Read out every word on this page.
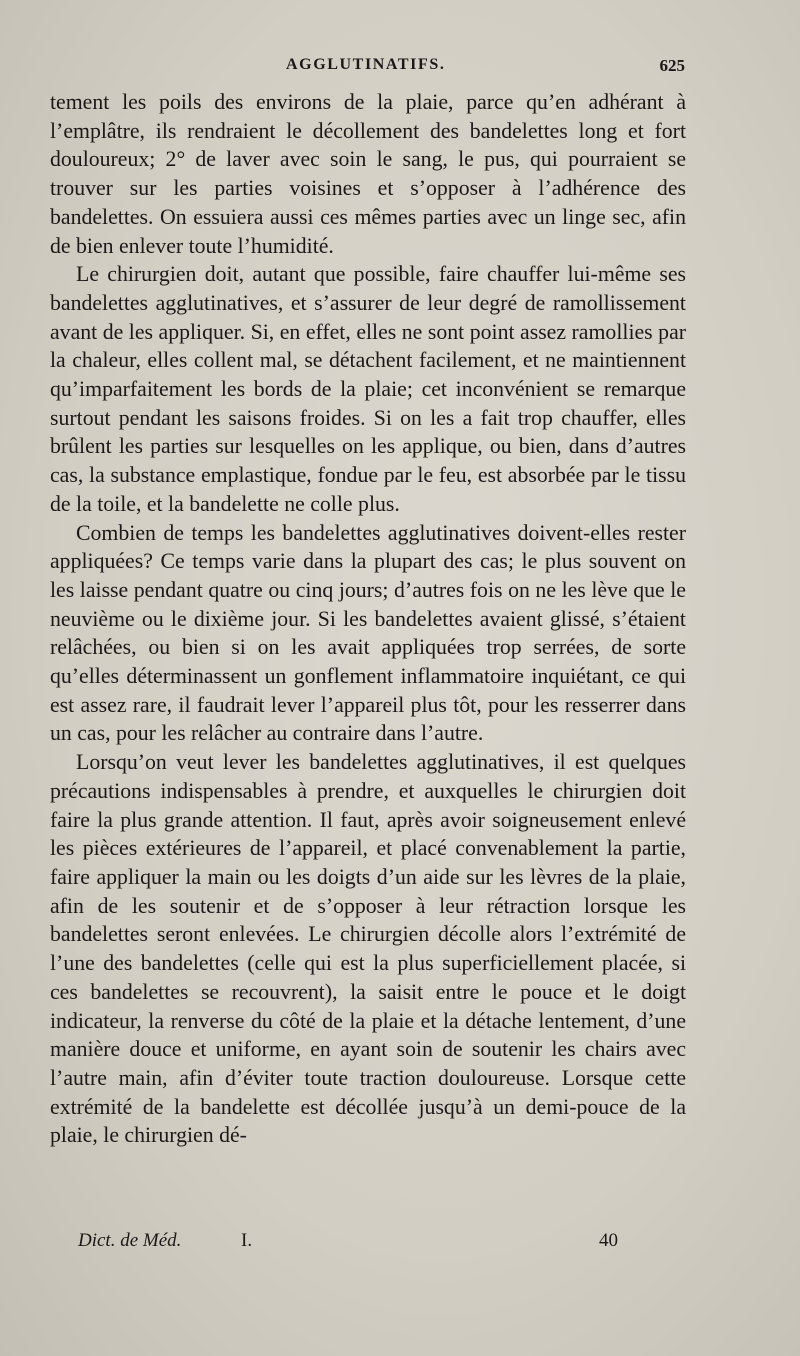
AGGLUTINATIFS.	625

tement les poils des environs de la plaie, parce qu’en adhérant à l’emplâtre, ils rendraient le décollement des bandelettes long et fort douloureux; 2° de laver avec soin le sang, le pus, qui pourraient se trouver sur les parties voisines et s’opposer à l’adhérence des bandelettes. On essuiera aussi ces mêmes parties avec un linge sec, afin de bien enlever toute l’humidité.

Le chirurgien doit, autant que possible, faire chauffer lui-même ses bandelettes agglutinatives, et s’assurer de leur degré de ramollissement avant de les appliquer. Si, en effet, elles ne sont point assez ramollies par la chaleur, elles collent mal, se détachent facilement, et ne maintiennent qu’imparfaitement les bords de la plaie; cet inconvénient se remarque surtout pendant les saisons froides. Si on les a fait trop chauffer, elles brûlent les parties sur lesquelles on les applique, ou bien, dans d’autres cas, la substance emplastique, fondue par le feu, est absorbée par le tissu de la toile, et la bandelette ne colle plus.

Combien de temps les bandelettes agglutinatives doivent-elles rester appliquées? Ce temps varie dans la plupart des cas; le plus souvent on les laisse pendant quatre ou cinq jours; d’autres fois on ne les lève que le neuvième ou le dixième jour. Si les bandelettes avaient glissé, s’étaient relâchées, ou bien si on les avait appliquées trop serrées, de sorte qu’elles déterminassent un gonflement inflammatoire inquiétant, ce qui est assez rare, il faudrait lever l’appareil plus tôt, pour les resserrer dans un cas, pour les relâcher au contraire dans l’autre.

Lorsqu’on veut lever les bandelettes agglutinatives, il est quelques précautions indispensables à prendre, et auxquelles le chirurgien doit faire la plus grande attention. Il faut, après avoir soigneusement enlevé les pièces extérieures de l’appareil, et placé convenablement la partie, faire appliquer la main ou les doigts d’un aide sur les lèvres de la plaie, afin de les soutenir et de s’opposer à leur rétraction lorsque les bandelettes seront enlevées. Le chirurgien décolle alors l’extrémité de l’une des bandelettes (celle qui est la plus superficiellement placée, si ces bandelettes se recouvrent), la saisit entre le pouce et le doigt indicateur, la renverse du côté de la plaie et la détache lentement, d’une manière douce et uniforme, en ayant soin de soutenir les chairs avec l’autre main, afin d’éviter toute traction douloureuse. Lorsque cette extrémité de la bandelette est décollée jusqu’à un demi-pouce de la plaie, le chirurgien dé-

Dict. de Méd.	I.	40
